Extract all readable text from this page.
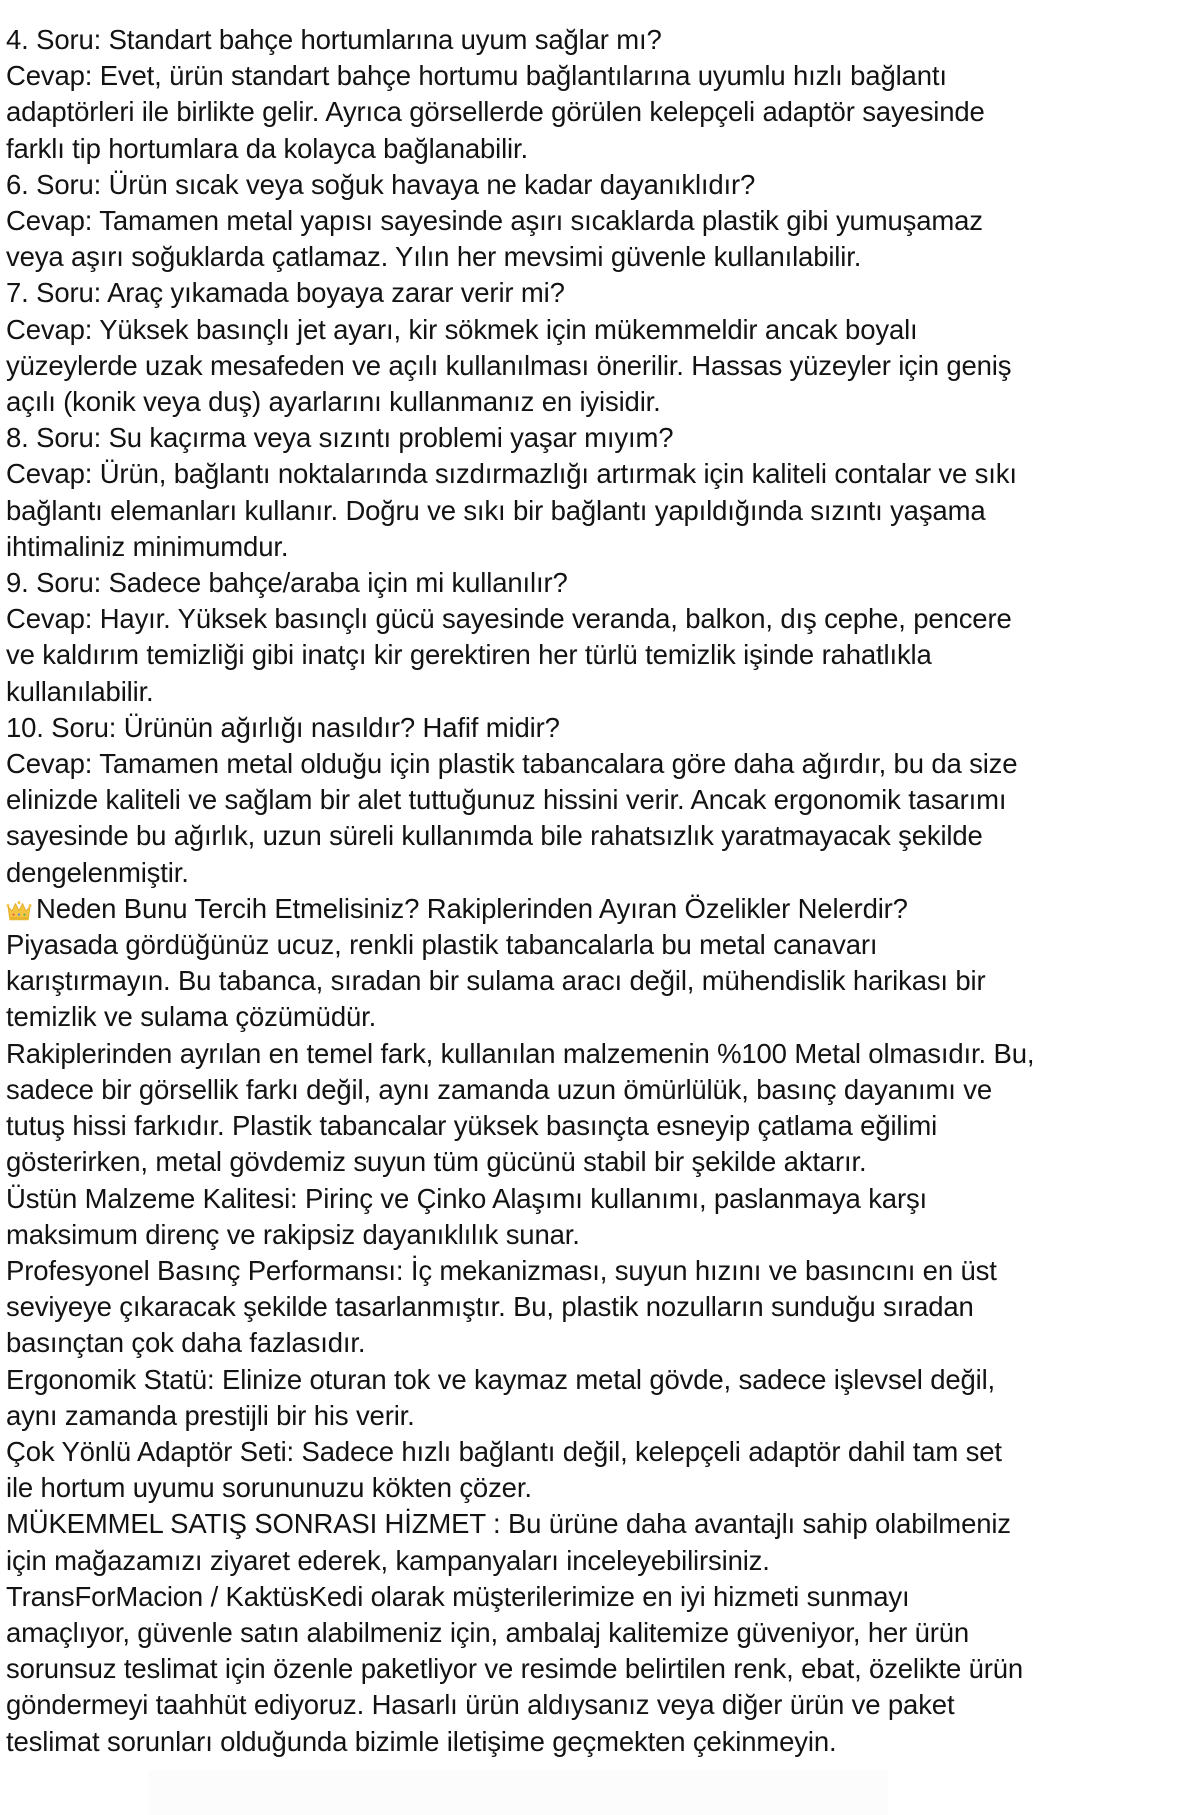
4. Soru: Standart bahçe hortumlarına uyum sağlar mı?

Cevap: Evet, ürün standart bahçe hortumu bağlantılarına uyumlu hızlı bağlantı adaptörleri ile birlikte gelir. Ayrıca görsellerde görülen kelepçeli adaptör sayesinde farklı tip hortumlara da kolayca bağlanabilir.

6. Soru: Ürün sıcak veya soğuk havaya ne kadar dayanıklıdır?

Cevap: Tamamen metal yapısı sayesinde aşırı sıcaklarda plastik gibi yumuşamaz veya aşırı soğuklarda çatlamaz. Yılın her mevsimi güvenle kullanılabilir.

7. Soru: Araç yıkamada boyaya zarar verir mi?

Cevap: Yüksek basınçlı jet ayarı, kir sökmek için mükemmeldir ancak boyalı yüzeylerde uzak mesafeden ve açılı kullanılması önerilir. Hassas yüzeyler için geniş açılı (konik veya duş) ayarlarını kullanmanız en iyisidir.

8. Soru: Su kaçırma veya sızıntı problemi yaşar mıyım?

Cevap: Ürün, bağlantı noktalarında sızdırmazlığı artırmak için kaliteli contalar ve sıkı bağlantı elemanları kullanır. Doğru ve sıkı bir bağlantı yapıldığında sızıntı yaşama ihtimaliniz minimumdur.

9. Soru: Sadece bahçe/araba için mi kullanılır?

Cevap: Hayır. Yüksek basınçlı gücü sayesinde veranda, balkon, dış cephe, pencere ve kaldırım temizliği gibi inatçı kir gerektiren her türlü temizlik işinde rahatlıkla kullanılabilir.

10. Soru: Ürünün ağırlığı nasıldır? Hafif midir?

Cevap: Tamamen metal olduğu için plastik tabancalara göre daha ağırdır, bu da size elinizde kaliteli ve sağlam bir alet tuttuğunuz hissini verir. Ancak ergonomik tasarımı sayesinde bu ağırlık, uzun süreli kullanımda bile rahatsızlık yaratmayacak şekilde dengelenmiştir.

Neden Bunu Tercih Etmelisiniz? Rakiplerinden Ayıran Özelikler Nelerdir?

Piyasada gördüğünüz ucuz, renkli plastik tabancalarla bu metal canavarı karıştırmayın. Bu tabanca, sıradan bir sulama aracı değil, mühendislik harikası bir temizlik ve sulama çözümüdür.

Rakiplerinden ayrılan en temel fark, kullanılan malzemenin %100 Metal olmasıdır. Bu, sadece bir görsellik farkı değil, aynı zamanda uzun ömürlülük, basınç dayanımı ve tutuş hissi farkıdır. Plastik tabancalar yüksek basınçta esneyip çatlama eğilimi gösterirken, metal gövdemiz suyun tüm gücünü stabil bir şekilde aktarır.

Üstün Malzeme Kalitesi: Pirinç ve Çinko Alaşımı kullanımı, paslanmaya karşı maksimum direnç ve rakipsiz dayanıklılık sunar.

Profesyonel Basınç Performansı: İç mekanizması, suyun hızını ve basıncını en üst seviyeye çıkaracak şekilde tasarlanmıştır. Bu, plastik nozulların sunduğu sıradan basınçtan çok daha fazlasıdır.

Ergonomik Statü: Elinize oturan tok ve kaymaz metal gövde, sadece işlevsel değil, aynı zamanda prestijli bir his verir.

Çok Yönlü Adaptör Seti: Sadece hızlı bağlantı değil, kelepçeli adaptör dahil tam set ile hortum uyumu sorununuzu kökten çözer.

MÜKEMMEL SATIŞ SONRASI HİZMET : Bu ürüne daha avantajlı sahip olabilmeniz için mağazamızı ziyaret ederek, kampanyaları inceleyebilirsiniz.

TransForMacion / KaktüsKedi olarak müşterilerimize en iyi hizmeti sunmayı amaçlıyor, güvenle satın alabilmeniz için, ambalaj kalitemize güveniyor, her ürün sorunsuz teslimat için özenle paketliyor ve resimde belirtilen renk, ebat, özelikte ürün göndermeyi taahhüt ediyoruz. Hasarlı ürün aldıysanız veya diğer ürün ve paket teslimat sorunları olduğunda bizimle iletişime geçmekten çekinmeyin.
